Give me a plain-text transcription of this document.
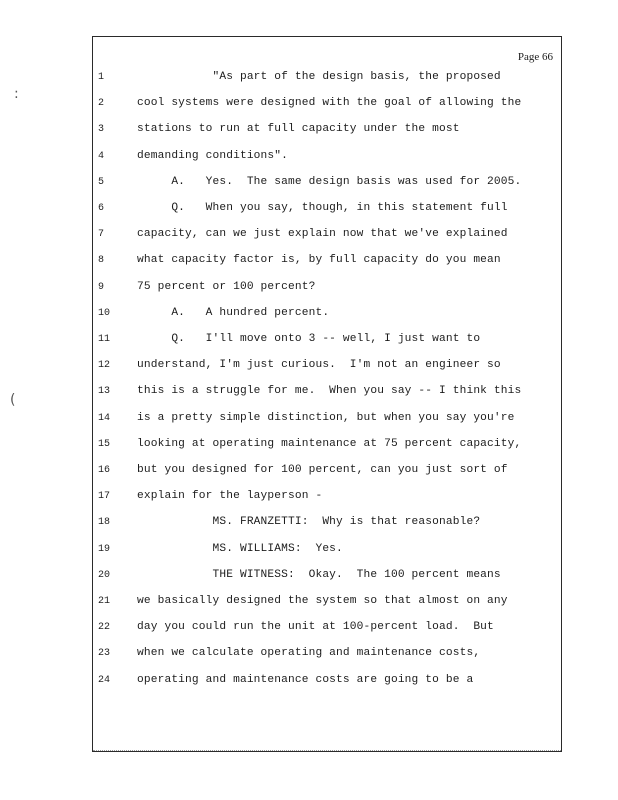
Page 66
:
(
1	"As part of the design basis, the proposed
2	cool systems were designed with the goal of allowing the
3	stations to run at full capacity under the most
4	demanding conditions".
5	A.   Yes.  The same design basis was used for 2005.
6	Q.   When you say, though, in this statement full
7	capacity, can we just explain now that we've explained
8	what capacity factor is, by full capacity do you mean
9	75 percent or 100 percent?
10	A.   A hundred percent.
11	Q.   I'll move onto 3 -- well, I just want to
12	understand, I'm just curious.  I'm not an engineer so
13	this is a struggle for me.  When you say -- I think this
14	is a pretty simple distinction, but when you say you're
15	looking at operating maintenance at 75 percent capacity,
16	but you designed for 100 percent, can you just sort of
17	explain for the layperson -
18	MS. FRANZETTI:  Why is that reasonable?
19	MS. WILLIAMS:  Yes.
20	THE WITNESS:  Okay.  The 100 percent means
21	we basically designed the system so that almost on any
22	day you could run the unit at 100-percent load.  But
23	when we calculate operating and maintenance costs,
24	operating and maintenance costs are going to be a
